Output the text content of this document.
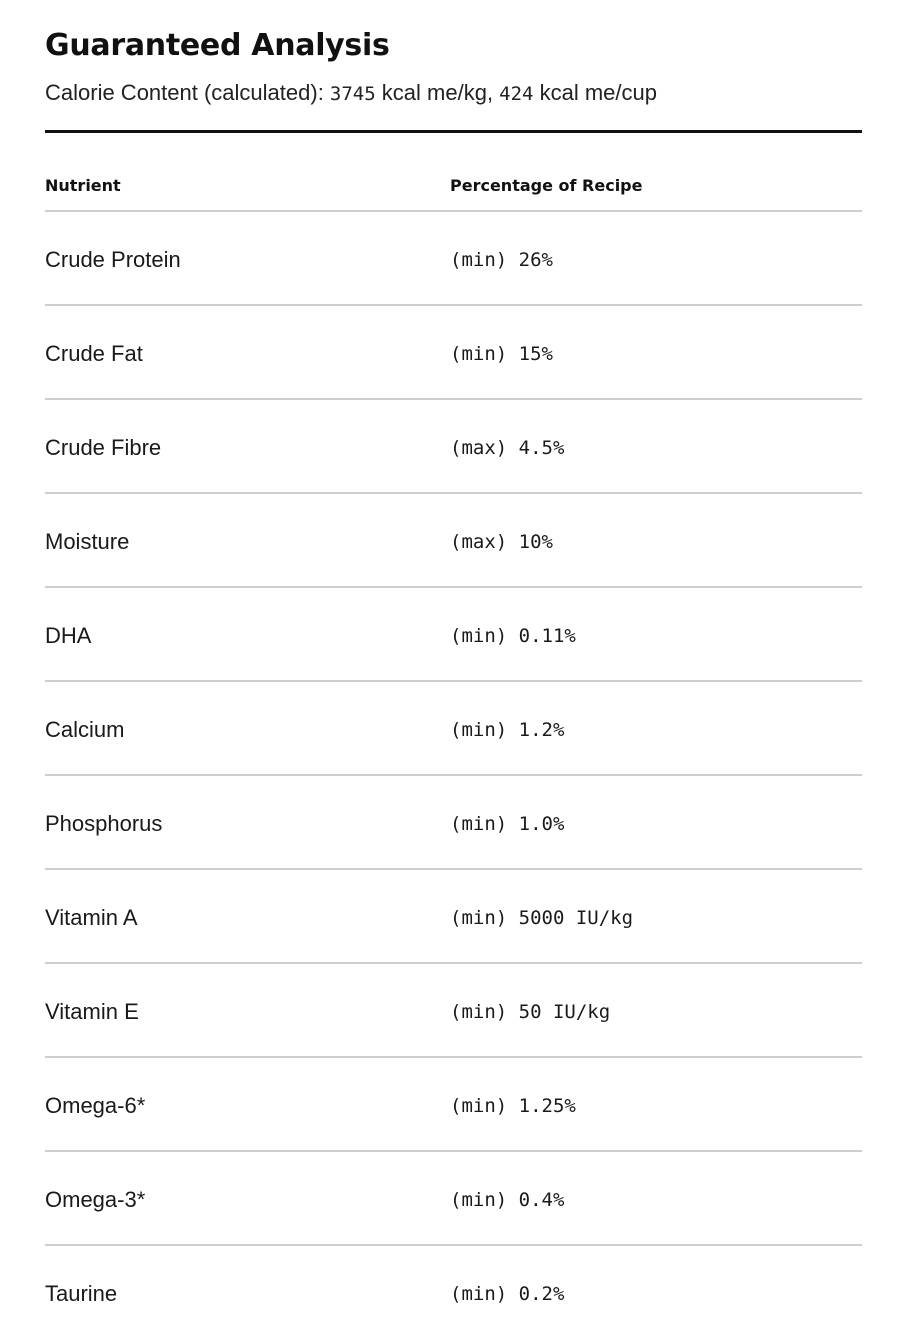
Guaranteed Analysis

Calorie Content (calculated): 3745 kcal me/kg, 424 kcal me/cup

Nutrient	Percentage of Recipe
Crude Protein	(min) 26%
Crude Fat	(min) 15%
Crude Fibre	(max) 4.5%
Moisture	(max) 10%
DHA	(min) 0.11%
Calcium	(min) 1.2%
Phosphorus	(min) 1.0%
Vitamin A	(min) 5000 IU/kg
Vitamin E	(min) 50 IU/kg
Omega-6*	(min) 1.25%
Omega-3*	(min) 0.4%
Taurine	(min) 0.2%
